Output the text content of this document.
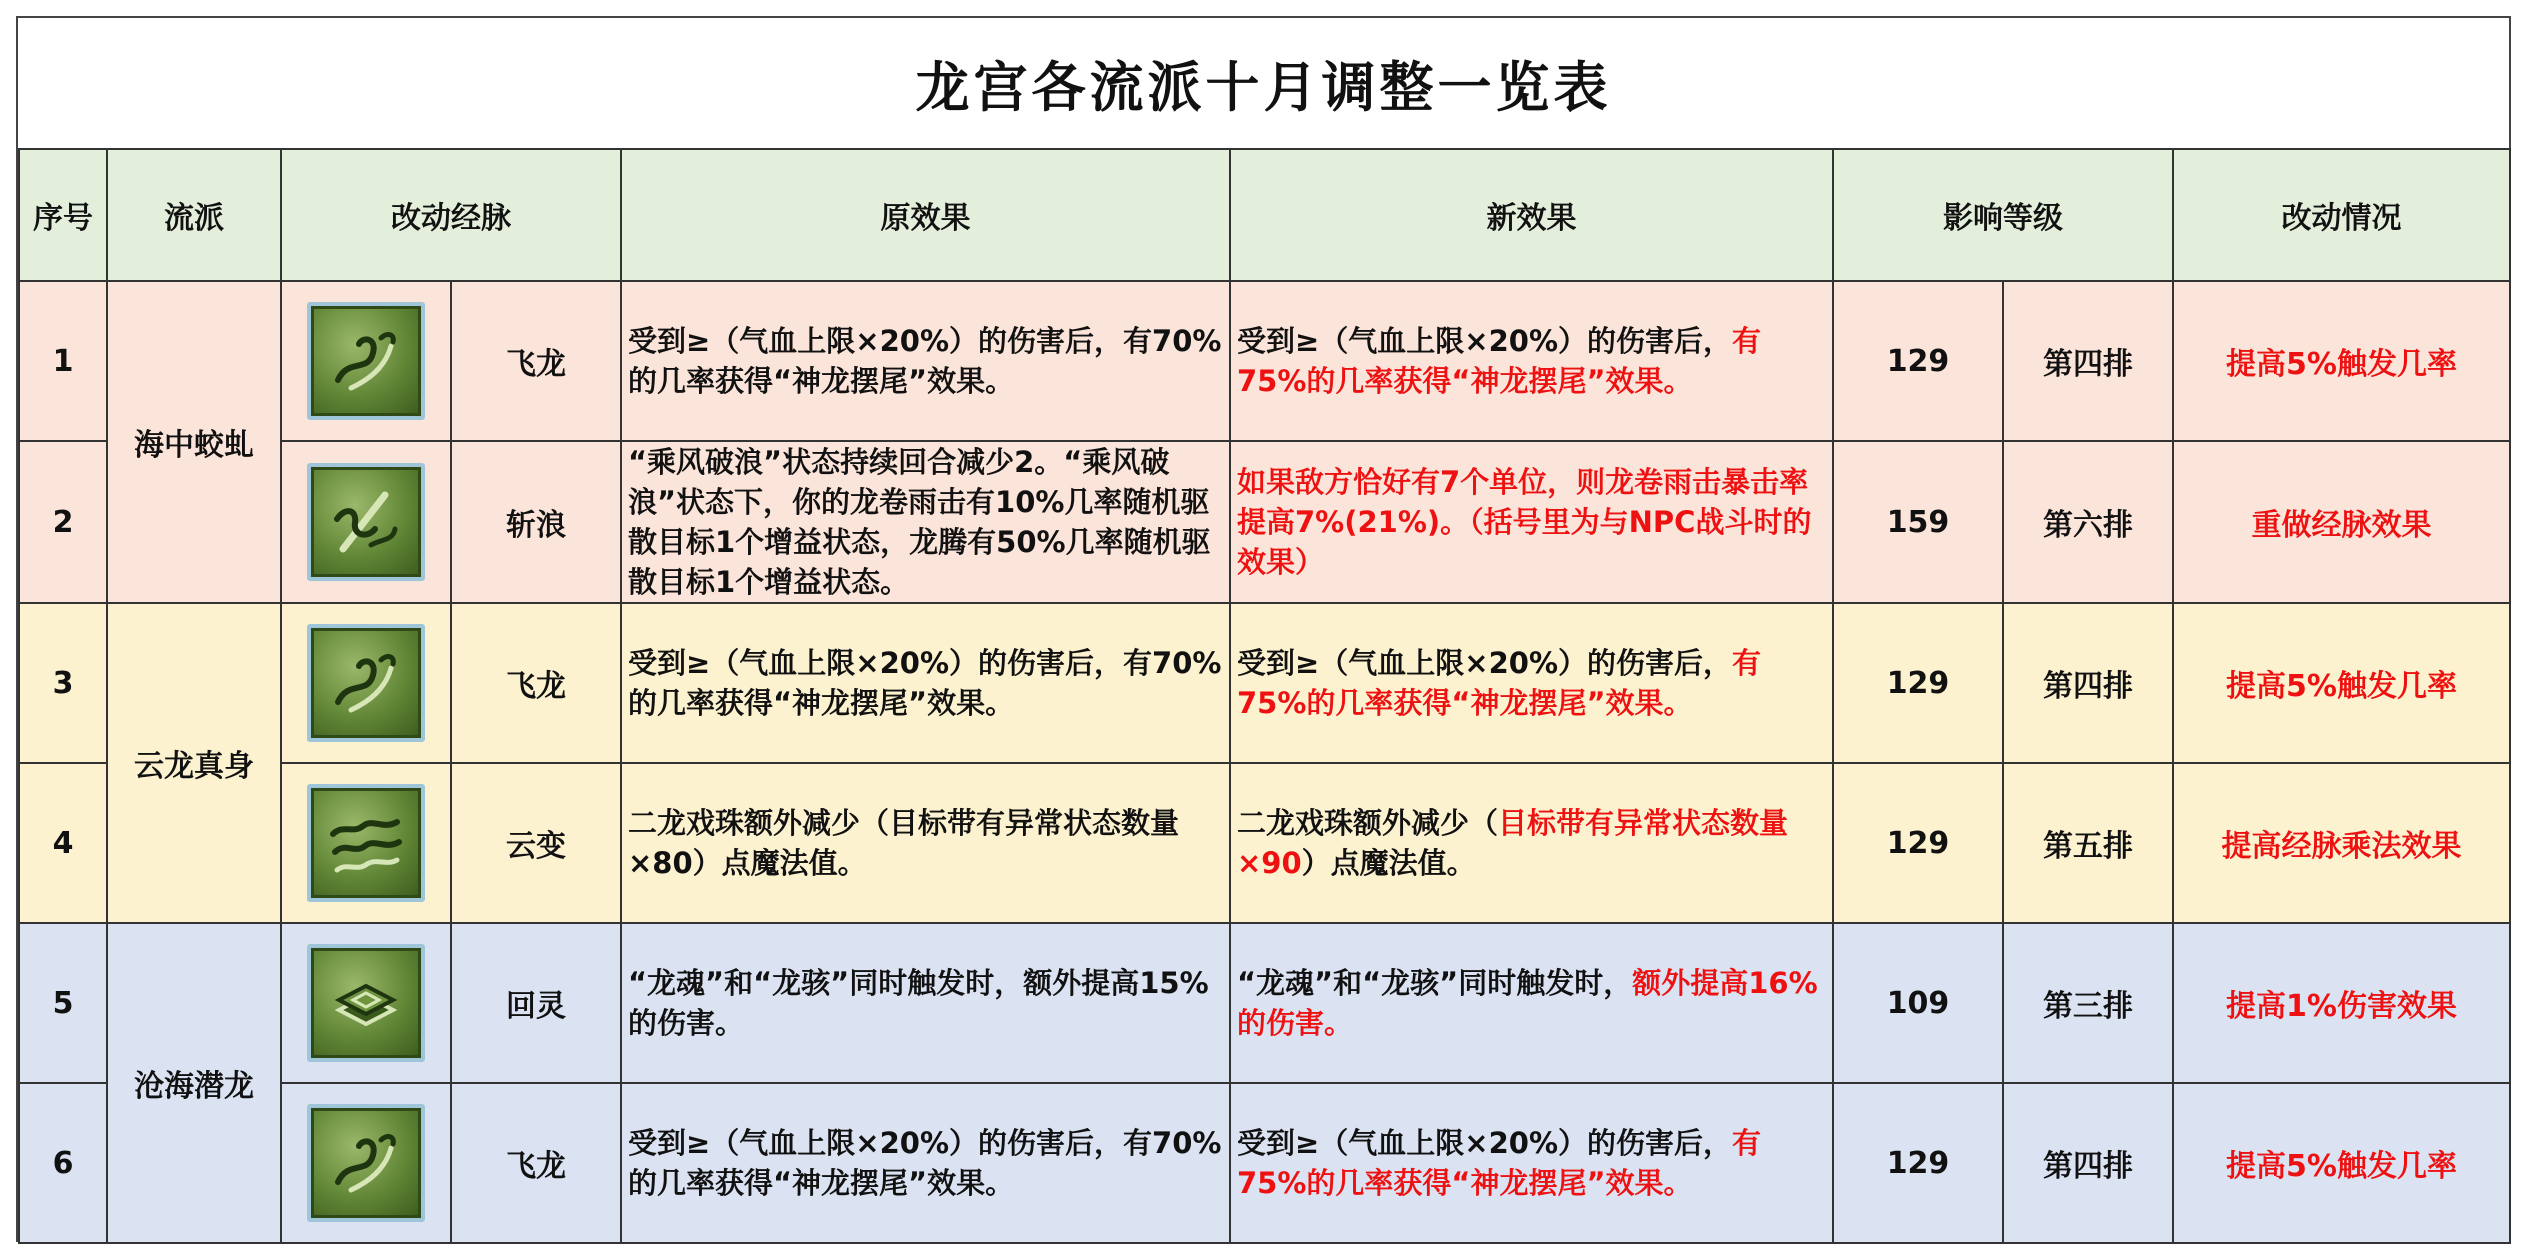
龙宫各流派十月调整一览表
序号	流派	改动经脉		原效果	新效果	影响等级		改动情况
1	海中蛟虬		飞龙	受到≥（气血上限×20%）的伤害后，有70%的几率获得“神龙摆尾”效果。	受到≥（气血上限×20%）的伤害后，有75%的几率获得“神龙摆尾”效果。	129	第四排	提高5%触发几率
2			斩浪	“乘风破浪”状态持续回合减少2。“乘风破浪”状态下，你的龙卷雨击有10%几率随机驱散目标1个增益状态，龙腾有50%几率随机驱散目标1个增益状态。	如果敌方恰好有7个单位，则龙卷雨击暴击率提高7%(21%)。（括号里为与NPC战斗时的效果）	159	第六排	重做经脉效果
3	云龙真身		飞龙	受到≥（气血上限×20%）的伤害后，有70%的几率获得“神龙摆尾”效果。	受到≥（气血上限×20%）的伤害后，有75%的几率获得“神龙摆尾”效果。	129	第四排	提高5%触发几率
4			云变	二龙戏珠额外减少（目标带有异常状态数量×80）点魔法值。	二龙戏珠额外减少（目标带有异常状态数量×90）点魔法值。	129	第五排	提高经脉乘法效果
5	沧海潜龙		回灵	“龙魂”和“龙骇”同时触发时，额外提高15%的伤害。	“龙魂”和“龙骇”同时触发时，额外提高16%的伤害。	109	第三排	提高1%伤害效果
6			飞龙	受到≥（气血上限×20%）的伤害后，有70%的几率获得“神龙摆尾”效果。	受到≥（气血上限×20%）的伤害后，有75%的几率获得“神龙摆尾”效果。	129	第四排	提高5%触发几率
